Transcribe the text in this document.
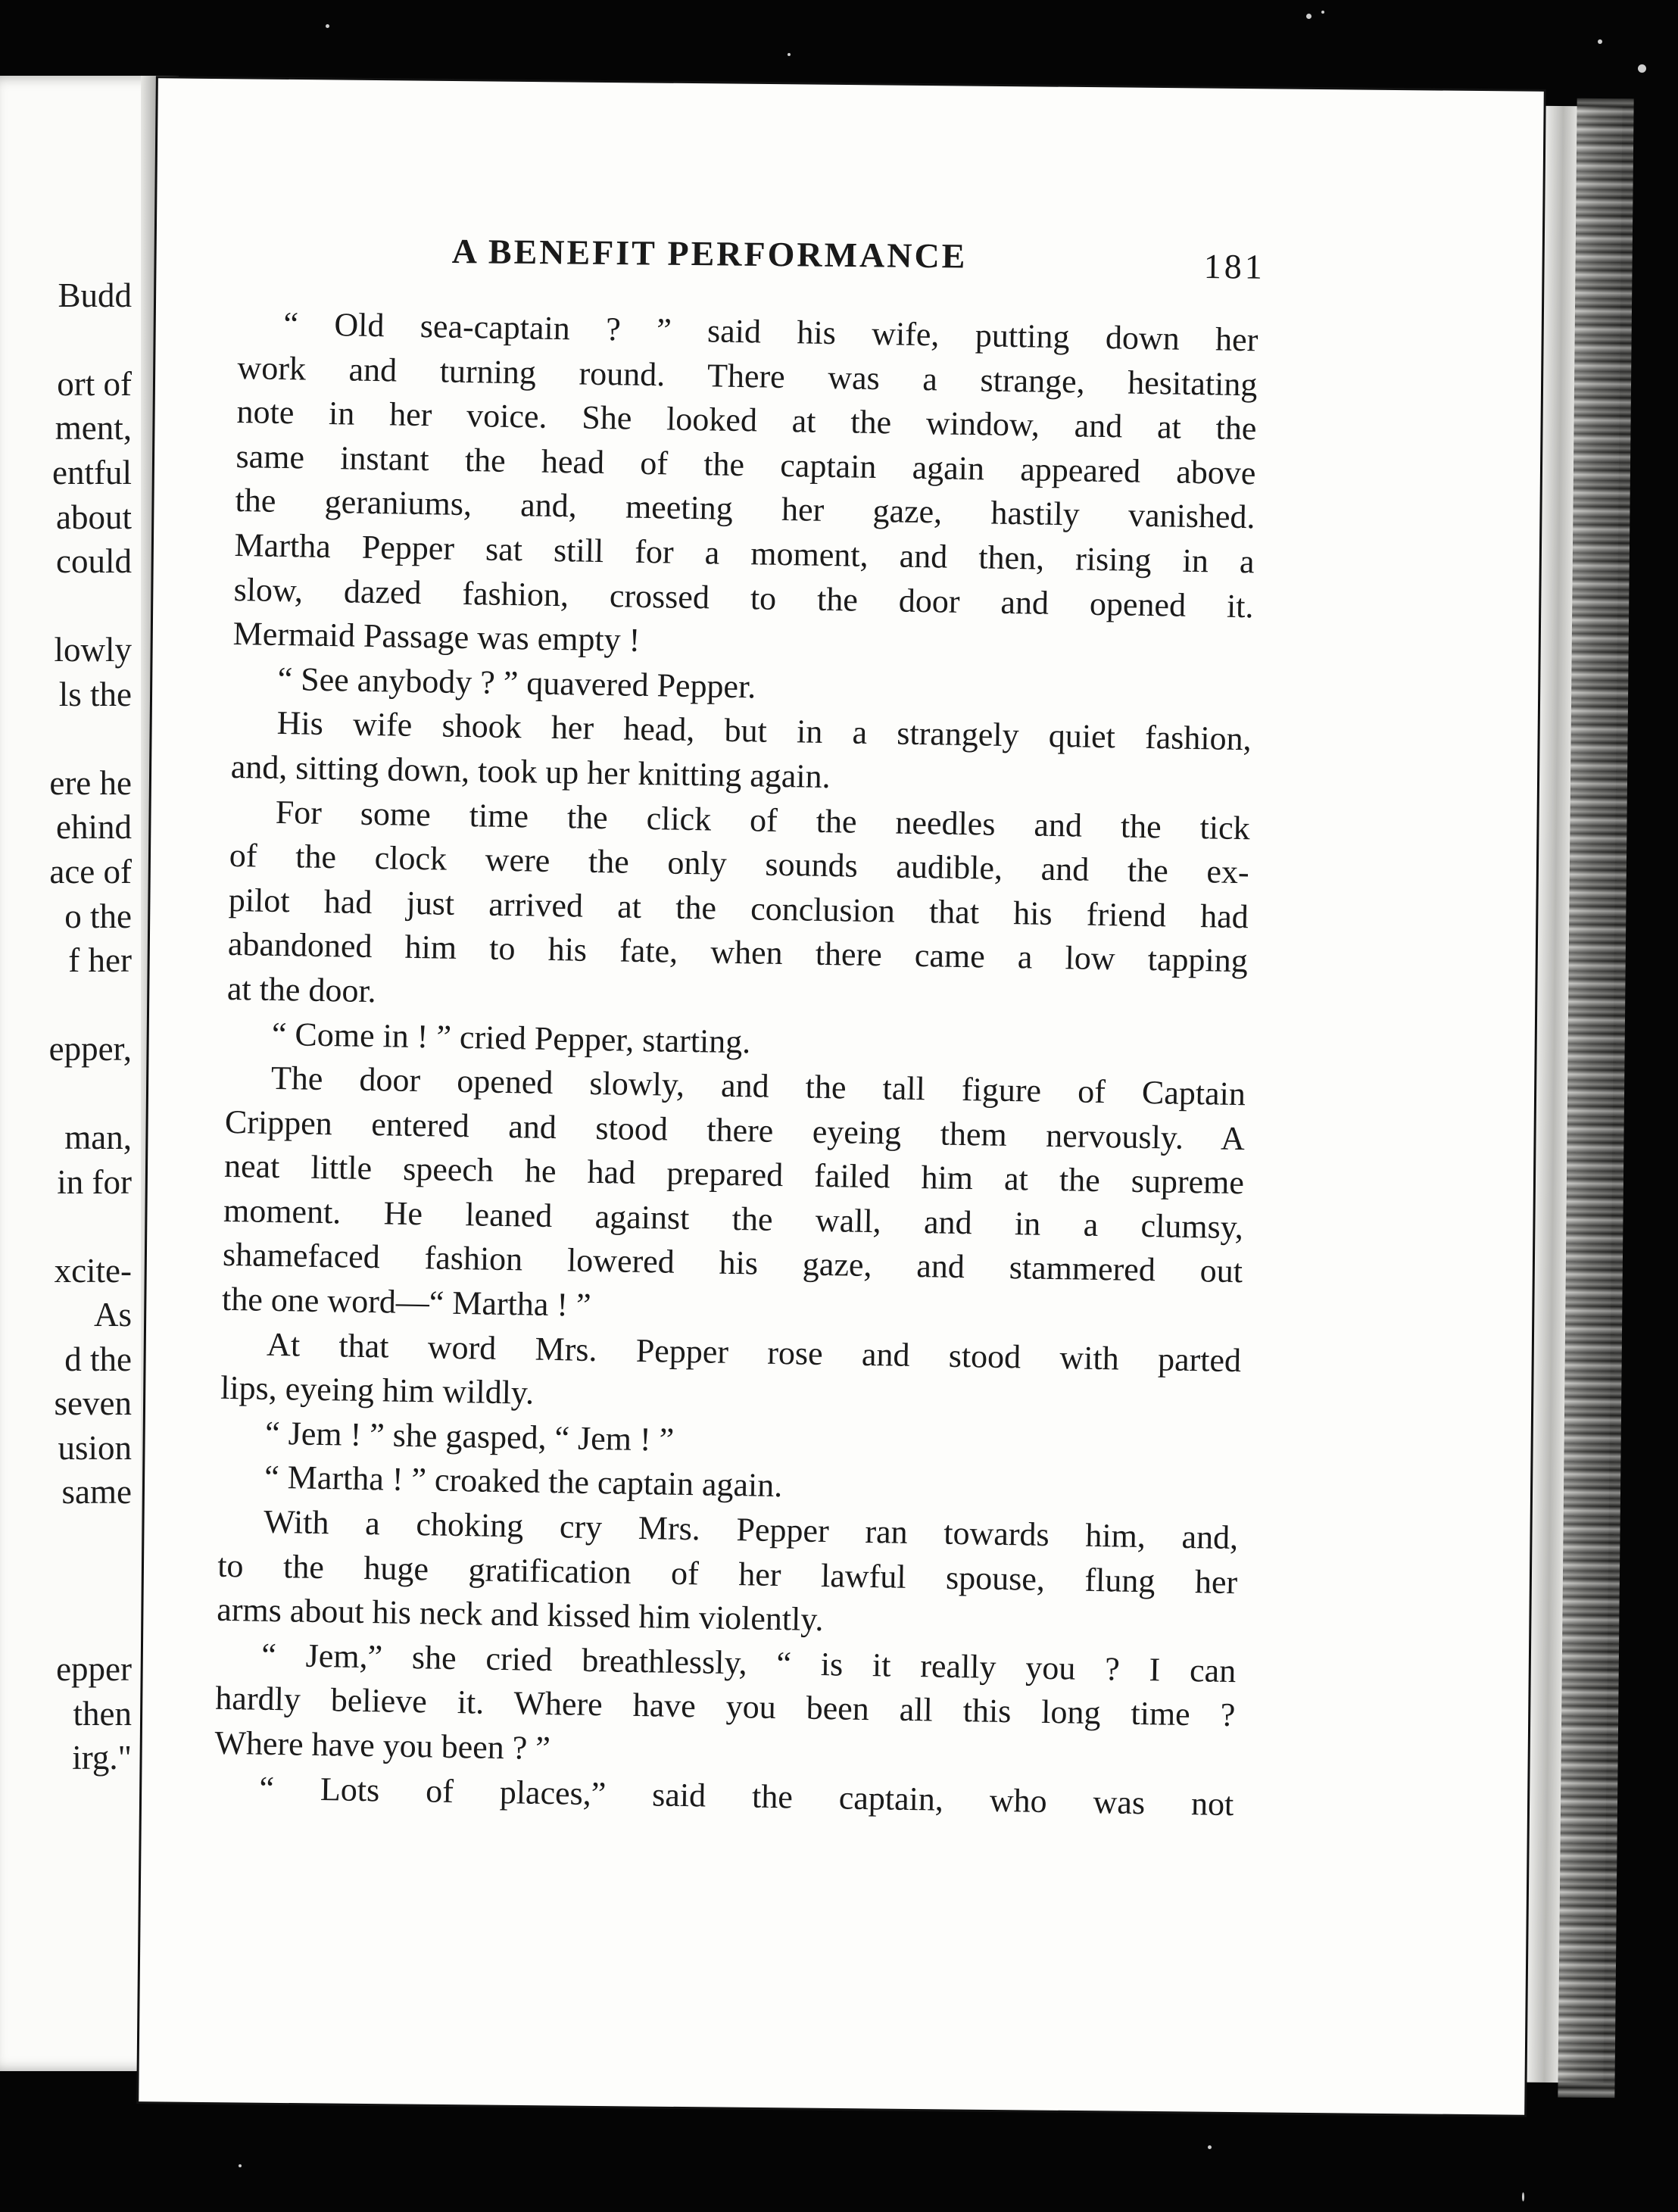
Budd
ort of
ment,
entful
about
could
lowly
ls the
ere he
ehind
ace of
o the
f her
epper,
man,
in for
xcite-
As
d the
seven
usion
same
epper
then
irg."
A BENEFIT PERFORMANCE	181
“ Old sea-captain ? ” said his wife, putting down her
work and turning round. There was a strange, hesitating
note in her voice. She looked at the window, and at the
same instant the head of the captain again appeared above
the geraniums, and, meeting her gaze, hastily vanished.
Martha Pepper sat still for a moment, and then, rising in a
slow, dazed fashion, crossed to the door and opened it.
Mermaid Passage was empty !
“ See anybody ? ” quavered Pepper.
His wife shook her head, but in a strangely quiet fashion,
and, sitting down, took up her knitting again.
For some time the click of the needles and the tick
of the clock were the only sounds audible, and the ex-
pilot had just arrived at the conclusion that his friend had
abandoned him to his fate, when there came a low tapping
at the door.
“ Come in ! ” cried Pepper, starting.
The door opened slowly, and the tall figure of Captain
Crippen entered and stood there eyeing them nervously. A
neat little speech he had prepared failed him at the supreme
moment. He leaned against the wall, and in a clumsy,
shamefaced fashion lowered his gaze, and stammered out
the one word—“ Martha ! ”
At that word Mrs. Pepper rose and stood with parted
lips, eyeing him wildly.
“ Jem ! ” she gasped, “ Jem ! ”
“ Martha ! ” croaked the captain again.
With a choking cry Mrs. Pepper ran towards him, and,
to the huge gratification of her lawful spouse, flung her
arms about his neck and kissed him violently.
“ Jem,” she cried breathlessly, “ is it really you ? I can
hardly believe it. Where have you been all this long time ?
Where have you been ? ”
“ Lots of places,” said the captain, who was not
